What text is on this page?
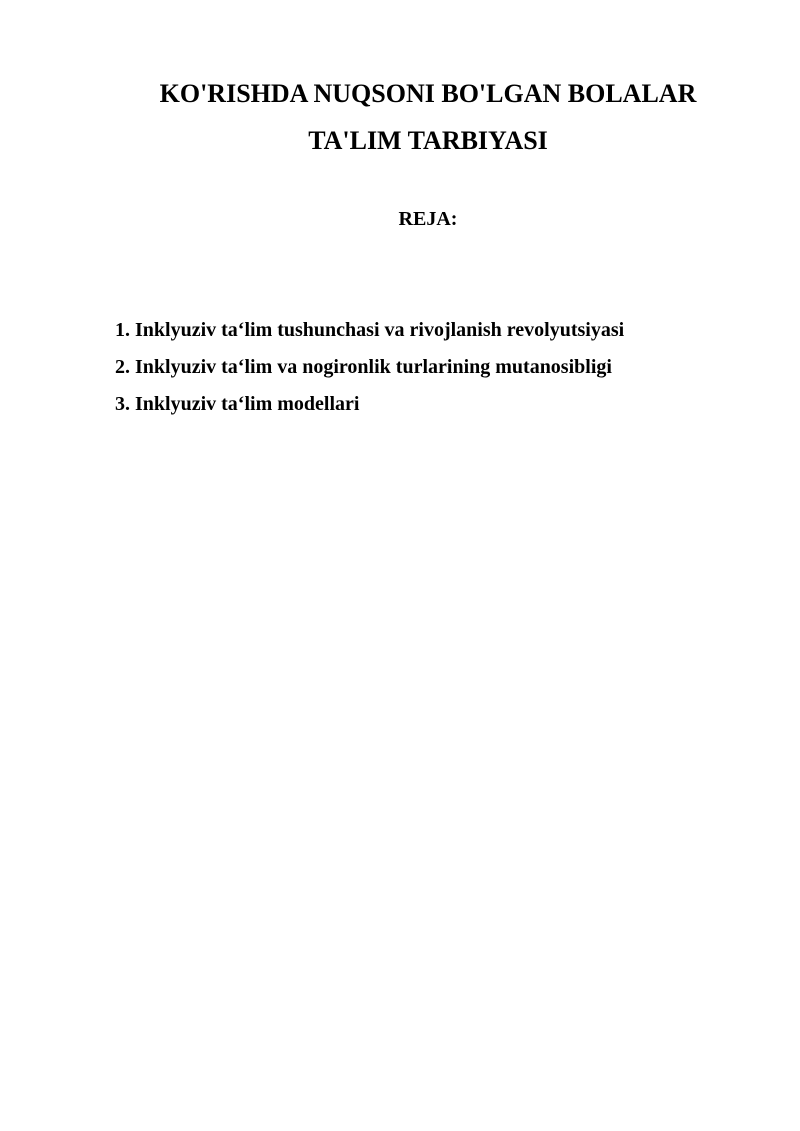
KO'RISHDA NUQSONI BO'LGAN BOLALAR
TA'LIM TARBIYASI
REJA:
1. Inklyuziv ta‘lim tushunchasi va rivojlanish revolyutsiyasi
2. Inklyuziv ta‘lim va nogironlik turlarining mutanosibligi
3. Inklyuziv ta‘lim modellari
